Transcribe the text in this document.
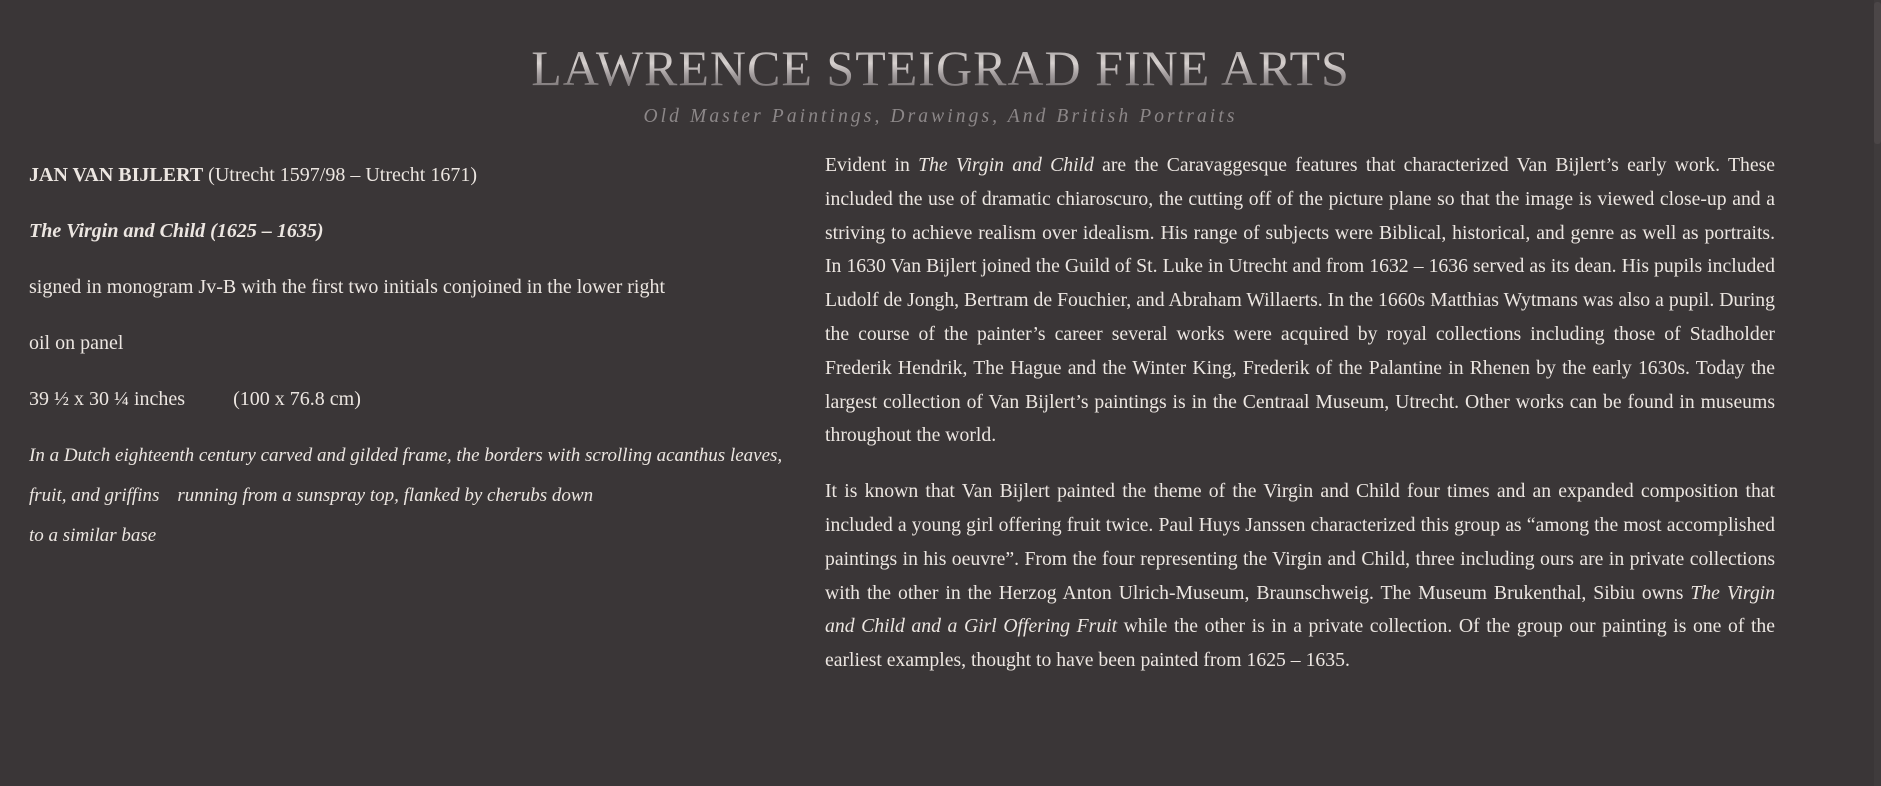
LAWRENCE STEIGRAD FINE ARTS
Old Master Paintings, Drawings, And British Portraits

JAN VAN BIJLERT (Utrecht 1597/98 – Utrecht 1671)

The Virgin and Child (1625 – 1635)

signed in monogram Jv-B with the first two initials conjoined in the lower right

oil on panel

39 ½ x 30 ¼ inches (100 x 76.8 cm)

In a Dutch eighteenth century carved and gilded frame, the borders with scrolling acanthus leaves, fruit, and griffins running from a sunspray top, flanked by cherubs down
to a similar base

Evident in The Virgin and Child are the Caravaggesque features that characterized Van Bijlert’s early work. These included the use of dramatic chiaroscuro, the cutting off of the picture plane so that the image is viewed close-up and a striving to achieve realism over idealism. His range of subjects were Biblical, historical, and genre as well as portraits. In 1630 Van Bijlert joined the Guild of St. Luke in Utrecht and from 1632 – 1636 served as its dean. His pupils included Ludolf de Jongh, Bertram de Fouchier, and Abraham Willaerts. In the 1660s Matthias Wytmans was also a pupil. During the course of the painter’s career several works were acquired by royal collections including those of Stadholder Frederik Hendrik, The Hague and the Winter King, Frederik of the Palantine in Rhenen by the early 1630s. Today the largest collection of Van Bijlert’s paintings is in the Centraal Museum, Utrecht. Other works can be found in museums throughout the world.

It is known that Van Bijlert painted the theme of the Virgin and Child four times and an expanded composition that included a young girl offering fruit twice. Paul Huys Janssen characterized this group as “among the most accomplished paintings in his oeuvre”. From the four representing the Virgin and Child, three including ours are in private collections with the other in the Herzog Anton Ulrich-Museum, Braunschweig. The Museum Brukenthal, Sibiu owns The Virgin and Child and a Girl Offering Fruit while the other is in a private collection. Of the group our painting is one of the earliest examples, thought to have been painted from 1625 – 1635.
